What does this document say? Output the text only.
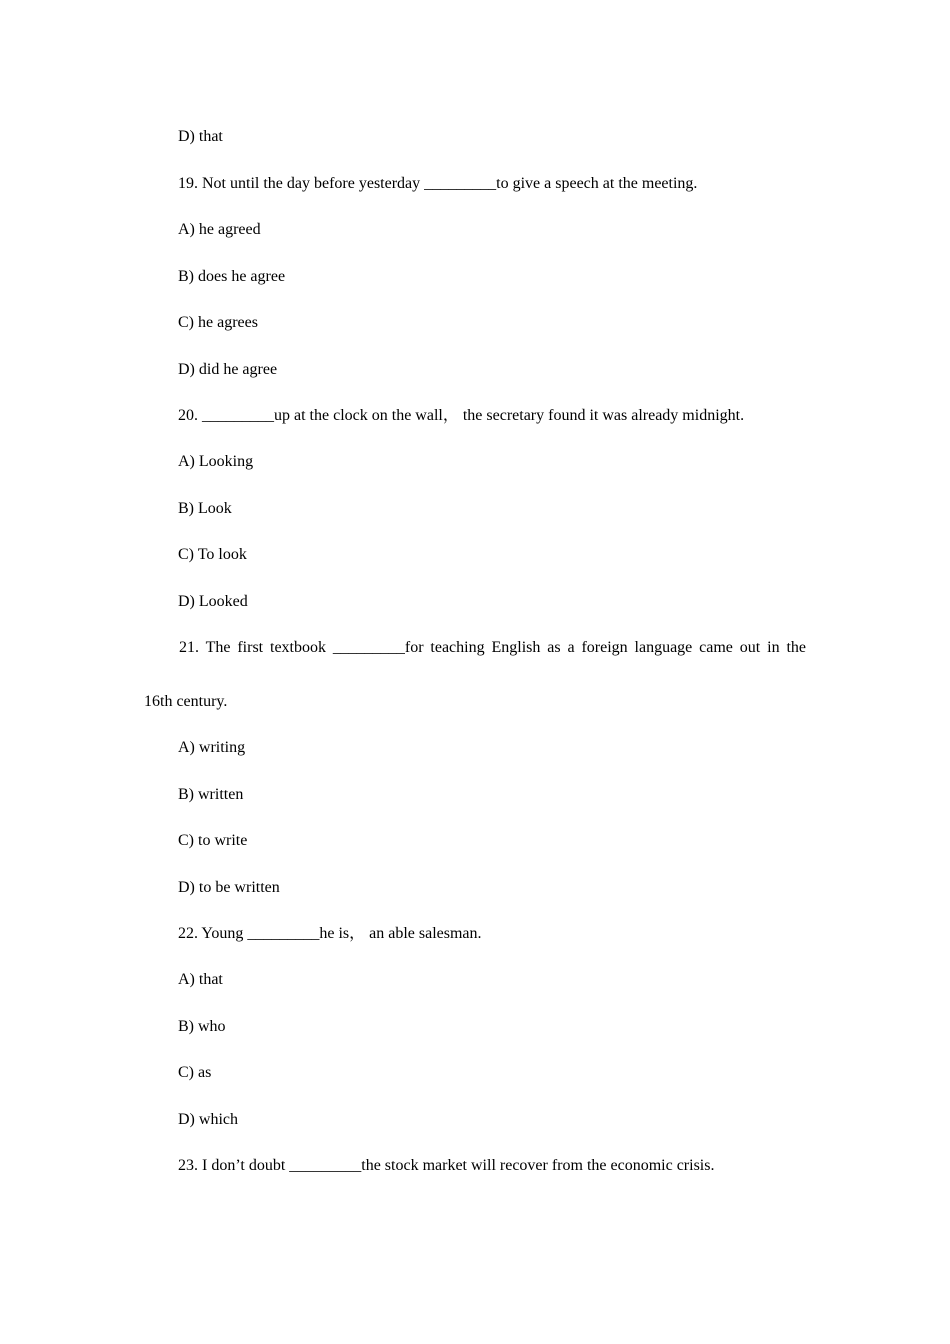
D) that
19. Not until the day before yesterday _________to give a speech at the meeting.
A) he agreed
B) does he agree
C) he agrees
D) did he agree
20. _________up at the clock on the wall， the secretary found it was already midnight.
A) Looking
B) Look
C) To look
D) Looked
21. The first textbook _________for teaching English as a foreign language came out in the
16th century.
A) writing
B) written
C) to write
D) to be written
22. Young _________he is， an able salesman.
A) that
B) who
C) as
D) which
23. I don’t doubt _________the stock market will recover from the economic crisis.
